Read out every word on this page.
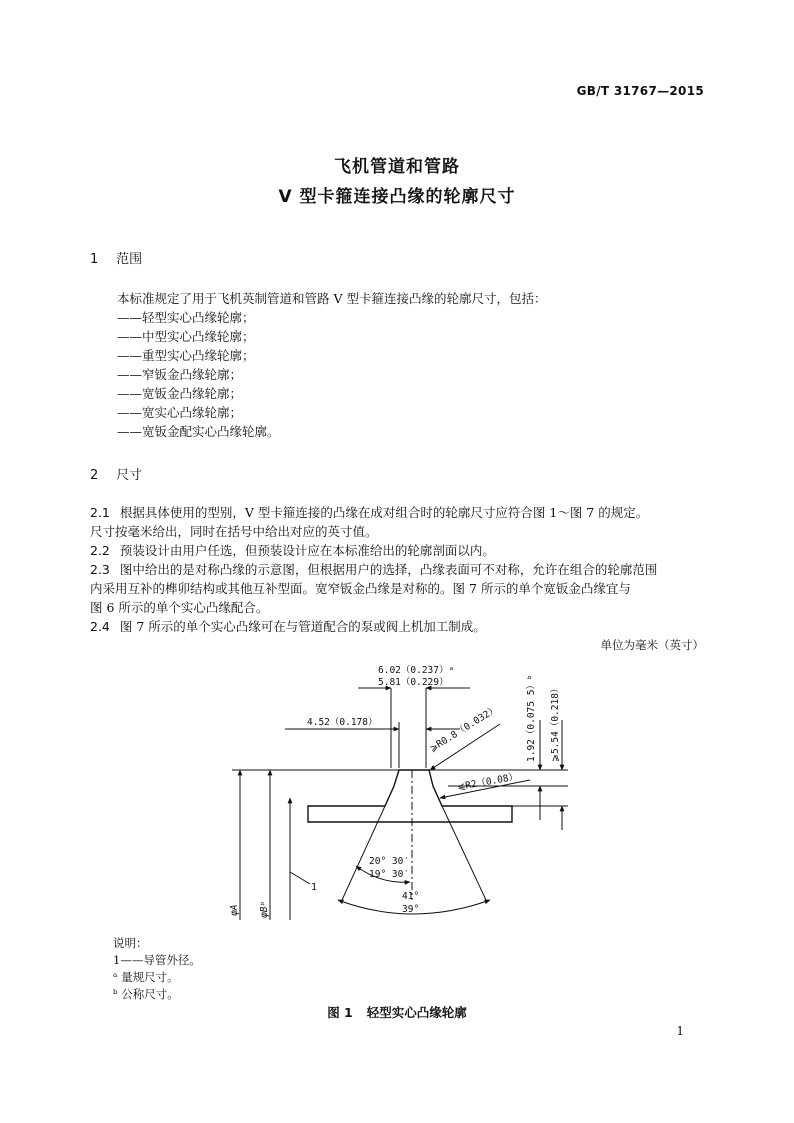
GB/T 31767—2015
飞机管道和管路
V 型卡箍连接凸缘的轮廓尺寸
1 范围
本标准规定了用于飞机英制管道和管路 V 型卡箍连接凸缘的轮廓尺寸，包括：
——轻型实心凸缘轮廓；
——中型实心凸缘轮廓；
——重型实心凸缘轮廓；
——窄钣金凸缘轮廓；
——宽钣金凸缘轮廓；
——宽实心凸缘轮廓；
——宽钣金配实心凸缘轮廓。
2 尺寸
2.1 根据具体使用的型别，V 型卡箍连接的凸缘在成对组合时的轮廓尺寸应符合图 1～图 7 的规定。
尺寸按毫米给出，同时在括号中给出对应的英寸值。
2.2 预装设计由用户任选，但预装设计应在本标准给出的轮廓剖面以内。
2.3 图中给出的是对称凸缘的示意图，但根据用户的选择，凸缘表面可不对称，允许在组合的轮廓范围
内采用互补的榫卯结构或其他互补型面。宽窄钣金凸缘是对称的。图 7 所示的单个宽钣金凸缘宜与
图 6 所示的单个实心凸缘配合。
2.4 图 7 所示的单个实心凸缘可在与管道配合的泵或阀上机加工制成。
单位为毫米（英寸）
6.02（0.237）ᵃ
5.81（0.229）
4.52（0.178）	⩾R0.8（0.032）
⩽R2（0.08）
1.92（0.075 5）ᵇ ⩾5.54（0.218）
20° 30′
19° 30′
41°
39°
φA φBᵇ
1
说明：
1——导管外径。
ᵃ 量规尺寸。
ᵇ 公称尺寸。
图 1 轻型实心凸缘轮廓
1
